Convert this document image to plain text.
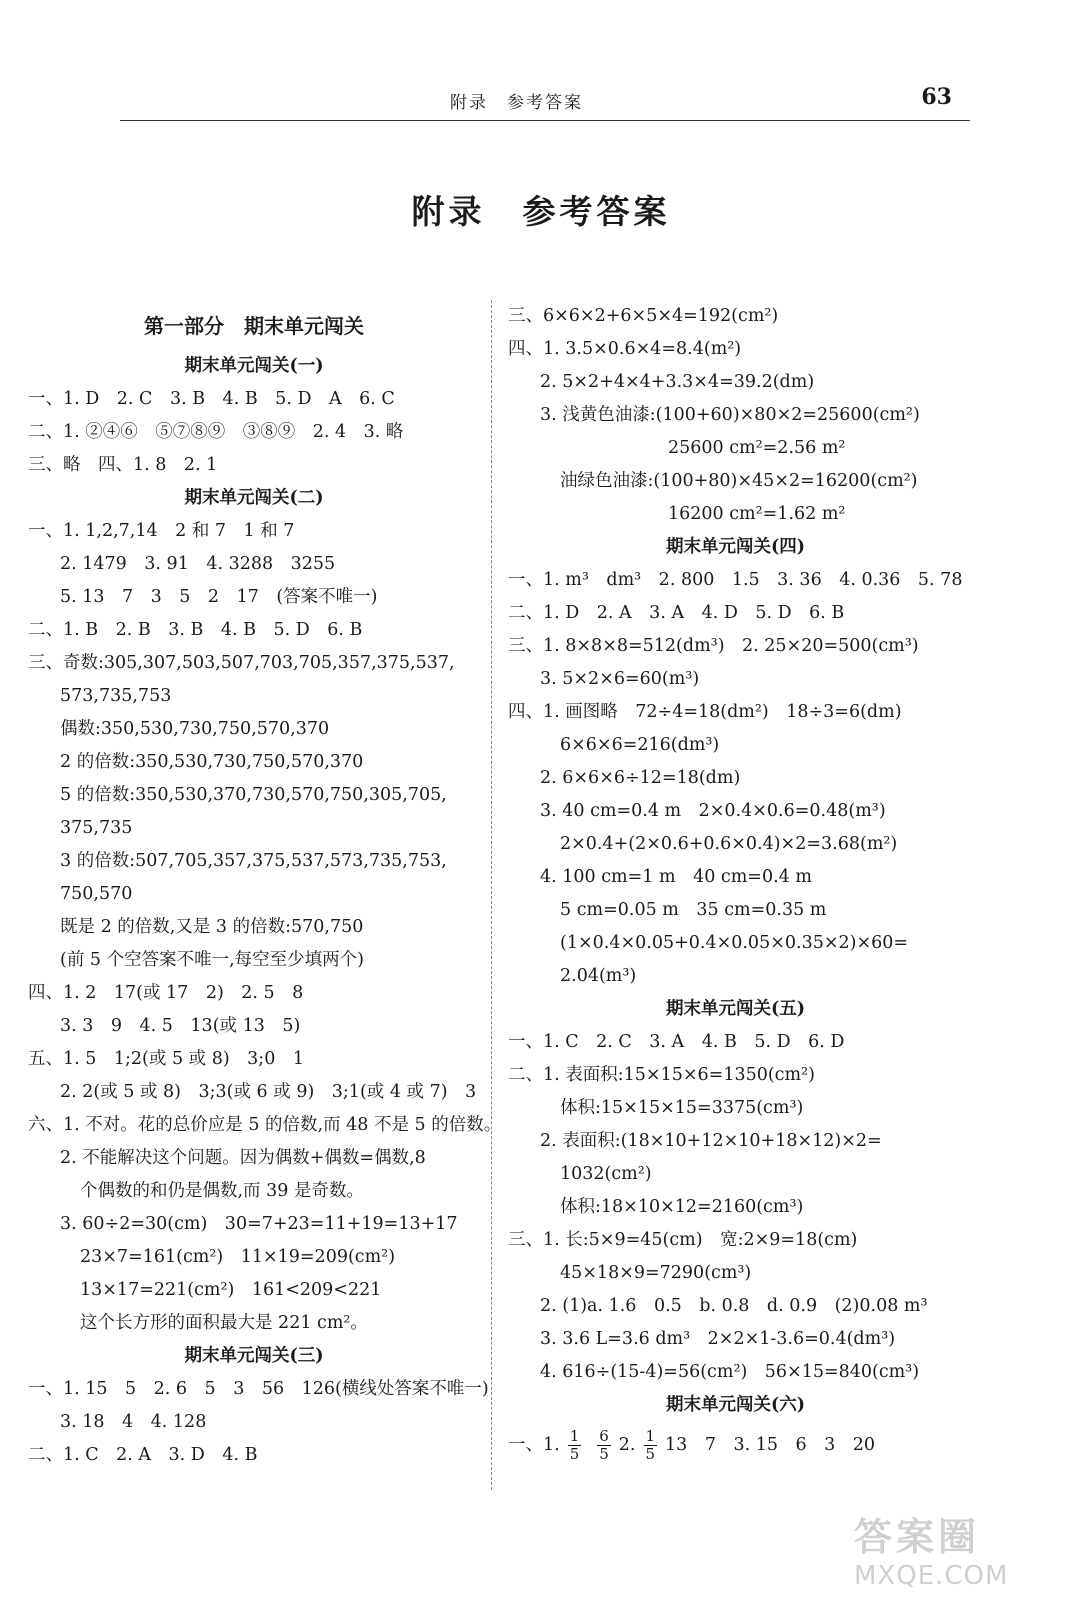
附录　参考答案	63
附录　参考答案
第一部分　期末单元闯关
期末单元闯关(一)
一、1. D　2. C　3. B　4. B　5. D　A　6. C
二、1. ②④⑥　⑤⑦⑧⑨　③⑧⑨　2. 4　3. 略
三、略　四、1. 8　2. 1
期末单元闯关(二)
一、1. 1,2,7,14　2 和 7　1 和 7
2. 1479　3. 91　4. 3288　3255
5. 13　7　3　5　2　17　(答案不唯一)
二、1. B　2. B　3. B　4. B　5. D　6. B
三、奇数:305,307,503,507,703,705,357,375,537,
573,735,753
偶数:350,530,730,750,570,370
2 的倍数:350,530,730,750,570,370
5 的倍数:350,530,370,730,570,750,305,705,
375,735
3 的倍数:507,705,357,375,537,573,735,753,
750,570
既是 2 的倍数,又是 3 的倍数:570,750
(前 5 个空答案不唯一,每空至少填两个)
四、1. 2　17(或 17　2)　2. 5　8
3. 3　9　4. 5　13(或 13　5)
五、1. 5　1;2(或 5 或 8)　3;0　1
2. 2(或 5 或 8)　3;3(或 6 或 9)　3;1(或 4 或 7)　3
六、1. 不对。花的总价应是 5 的倍数,而 48 不是 5 的倍数。
2. 不能解决这个问题。因为偶数+偶数=偶数,8
个偶数的和仍是偶数,而 39 是奇数。
3. 60÷2=30(cm)　30=7+23=11+19=13+17
23×7=161(cm²)　11×19=209(cm²)
13×17=221(cm²)　161<209<221
这个长方形的面积最大是 221 cm²。
期末单元闯关(三)
一、1. 15　5　2. 6　5　3　56　126(横线处答案不唯一)
3. 18　4　4. 128
二、1. C　2. A　3. D　4. B
三、6×6×2+6×5×4=192(cm²)
四、1. 3.5×0.6×4=8.4(m²)
2. 5×2+4×4+3.3×4=39.2(dm)
3. 浅黄色油漆:(100+60)×80×2=25600(cm²)
25600 cm²=2.56 m²
油绿色油漆:(100+80)×45×2=16200(cm²)
16200 cm²=1.62 m²
期末单元闯关(四)
一、1. m³　dm³　2. 800　1.5　3. 36　4. 0.36　5. 78
二、1. D　2. A　3. A　4. D　5. D　6. B
三、1. 8×8×8=512(dm³)　2. 25×20=500(cm³)
3. 5×2×6=60(m³)
四、1. 画图略　72÷4=18(dm²)　18÷3=6(dm)
6×6×6=216(dm³)
2. 6×6×6÷12=18(dm)
3. 40 cm=0.4 m　2×0.4×0.6=0.48(m³)
2×0.4+(2×0.6+0.6×0.4)×2=3.68(m²)
4. 100 cm=1 m　40 cm=0.4 m
5 cm=0.05 m　35 cm=0.35 m
(1×0.4×0.05+0.4×0.05×0.35×2)×60=
2.04(m³)
期末单元闯关(五)
一、1. C　2. C　3. A　4. B　5. D　6. D
二、1. 表面积:15×15×6=1350(cm²)
体积:15×15×15=3375(cm³)
2. 表面积:(18×10+12×10+18×12)×2=
1032(cm²)
体积:18×10×12=2160(cm³)
三、1. 长:5×9=45(cm)　宽:2×9=18(cm)
45×18×9=7290(cm³)
2. (1)a. 1.6　0.5　b. 0.8　d. 0.9　(2)0.08 m³
3. 3.6 L=3.6 dm³　2×2×1-3.6=0.4(dm³)
4. 616÷(15-4)=56(cm²)　56×15=840(cm³)
期末单元闯关(六)
一、1. $\frac{1}{5} \frac{6}{5} 2$. $\frac{1}{5} 13$　7　3. 15　6　3　20
答案圈
MXQE.COM
